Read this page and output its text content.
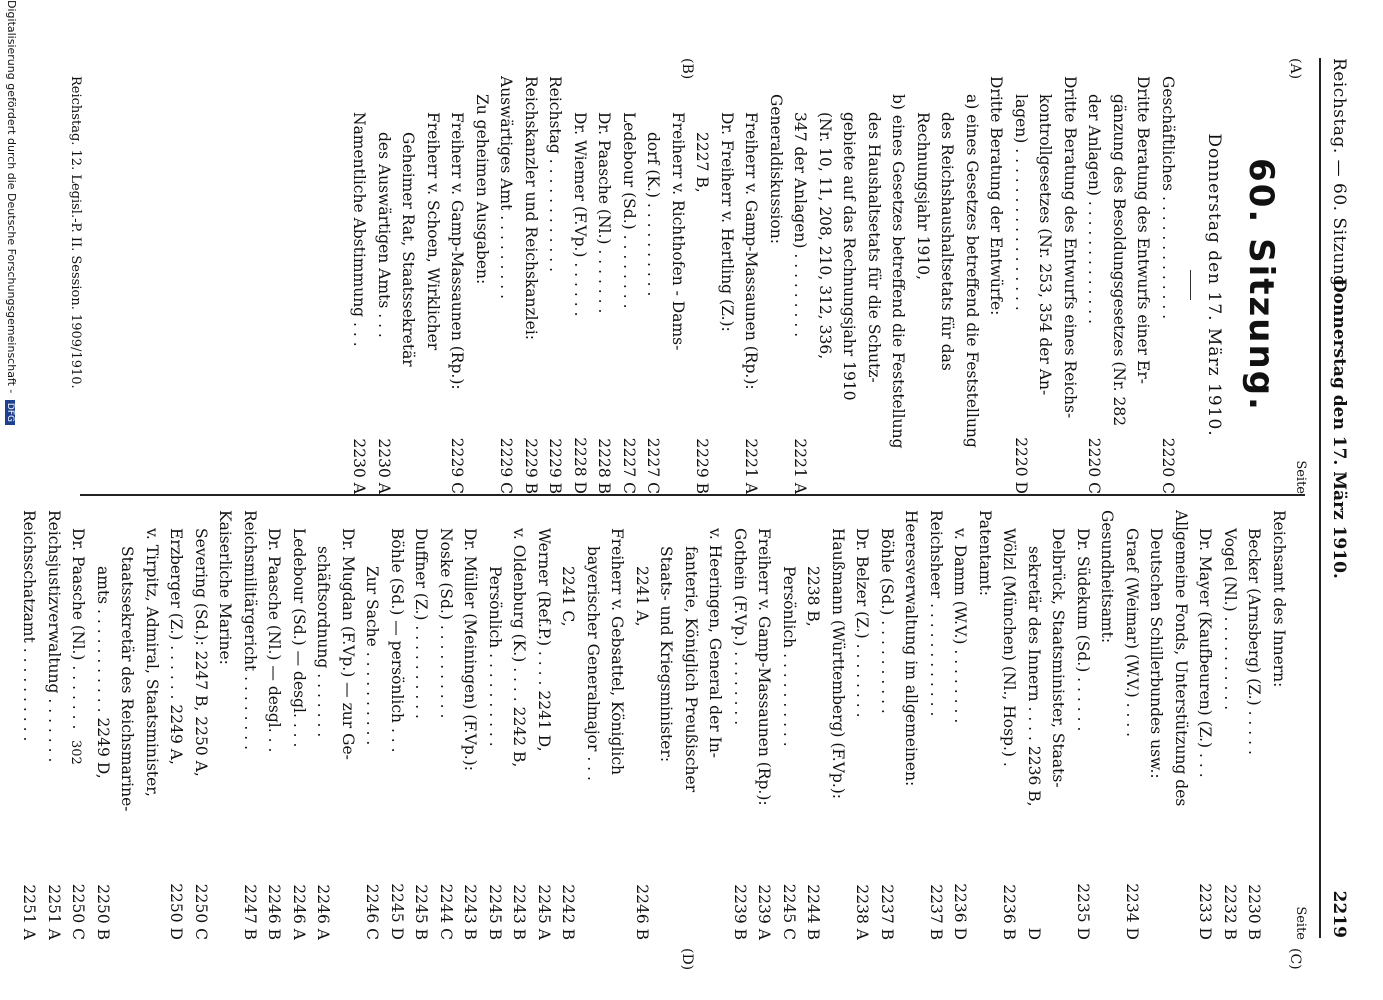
Reichstag. — 60. Sitzung.
Donnerstag den 17. März 1910.  2219
(A)
(B)
(C)
(D)
Seite
60. Sitzung.
Donnerstag den 17. März 1910.
Geschäftliches . . . . . . . . . . . . .
2220 C
Dritte Beratung des Entwurfs einer Er-
gänzung des Besoldungsgesetzes (Nr. 282
der Anlagen) . . . . . . . . . . . . .
2220 C
Dritte Beratung des Entwurfs eines Reichs-
kontrollgesetzes (Nr. 253, 354 der An-
lagen) . . . . . . . . . . . . . . . . .
2220 D
Dritte Beratung der Entwürfe:
a) eines Gesetzes betreffend die Feststellung
des Reichshaushaltsetats für das
Rechnungsjahr 1910,
b) eines Gesetzes betreffend die Feststellung
des Haushaltsetats für die Schutz-
gebiete auf das Rechnungsjahr 1910
(Nr. 10, 11, 208, 210, 312, 336,
347 der Anlagen) . . . . . . . . .
2221 A
Generaldiskussion:
Freiherr v. Gamp-Massaunen (Rp.):
2221 A
Dr. Freiherr v. Hertling (Z.):
2227 B,
2229 B
Freiherr v. Richthofen - Dams-
dorf (K.) . . . . . . . . . .
2227 C
Ledebour (Sd.) . . . . . . . .
2227 C
Dr. Paasche (Nl.) . . . . . . .
2228 B
Dr. Wiemer (F.Vp.) . . . . . .
2228 D
Reichstag . . . . . . . . . . . .
2229 B
Reichskanzler und Reichskanzlei:
2229 B
Auswärtiges Amt . . . . . . . . .
2229 C
Zu geheimen Ausgaben:
Freiherr v. Gamp-Massaunen (Rp.):
2229 C
Freiherr v. Schoen, Wirklicher
Geheimer Rat, Staatssekretär
des Auswärtigen Amts . . .
2230 A
Namentliche Abstimmung . . .
2230 A
Seite
Reichsamt des Innern:
Becker (Arnsberg) (Z.) . . . . .
2230 B
Vogel (Nl.) . . . . . . . . . .
2232 B
Dr. Mayer (Kaufbeuren) (Z.) . . .
2233 D
Allgemeine Fonds, Unterstützung des
Deutschen Schillerbundes usw.:
Graef (Weimar) (W.V.) . . . .
2234 D
Gesundheitsamt:
Dr. Südekum (Sd.) . . . . . .
2235 D
Delbrück, Staatsminister, Staats-
sekretär des Innern . . . . 2236 B,
D
Wölzl (München) (Nl., Hosp.) .
2236 B
Patentamt:
v. Damm (W.V.) . . . . . . . .
2236 D
Reichsheer . . . . . . . . . . . .
2237 B
Heeresverwaltung im allgemeinen:
Böhle (Sd.) . . . . . . . . . .
2237 B
Dr. Belzer (Z.) . . . . . . . .
2238 A
Haußmann (Württemberg) (F.Vp.):
2238 B,
2244 B
Persönlich . . . . . . . . . .
2245 C
Freiherr v. Gamp-Massaunen (Rp.):
2239 A
Gothein (F.Vp.) . . . . . . . .
2239 B
v. Heeringen, General der In-
fanterie, Königlich Preußischer
Staats- und Kriegsminister:
2241 A,
2246 B
Freiherr v. Gebsattel, Königlich
bayerischer Generalmajor . . .
2241 C,
2242 B
Werner (Ref.P.) . . . . 2241 D,
2245 A
v. Oldenburg (K.) . . . . 2242 B,
2243 B
Persönlich . . . . . . . . . .
2245 B
Dr. Müller (Meiningen) (F.Vp.):
2243 B
Noske (Sd.) . . . . . . . . . .
2244 C
Duffner (Z.) . . . . . . . . . .
2245 B
Böhle (Sd.) — persönlich . . .
2245 D
Zur Sache . . . . . . . . . .
2246 C
Dr. Mugdan (F.Vp.) — zur Ge-
schäftsordnung . . . . . . .
2246 A
Ledebour (Sd.) — desgl. . . .
2246 A
Dr. Paasche (Nl.) — desgl. . .
2246 B
Reichsmilitärgericht . . . . . . . .
2247 B
Kaiserliche Marine:
Severing (Sd.): 2247 B, 2250 A,
2250 C
Erzberger (Z.) . . . . . . 2249 A,
2250 D
v. Tirpitz, Admiral, Staatsminister,
Staatssekretär des Reichsmarine-
amts . . . . . . . . . . . 2249 D,
2250 B
Dr. Paasche (Nl.) . . . . . . .
2250 C
Reichsjustizverwaltung . . . . . . .
2251 A
Reichsschatzamt . . . . . . . . . .
2251 A
Reichstag. 12. Legisl.-P. II. Session. 1909/1910.
302
Digitalisierung gefördert durch die Deutsche Forschungsgemeinschaft - DFG
